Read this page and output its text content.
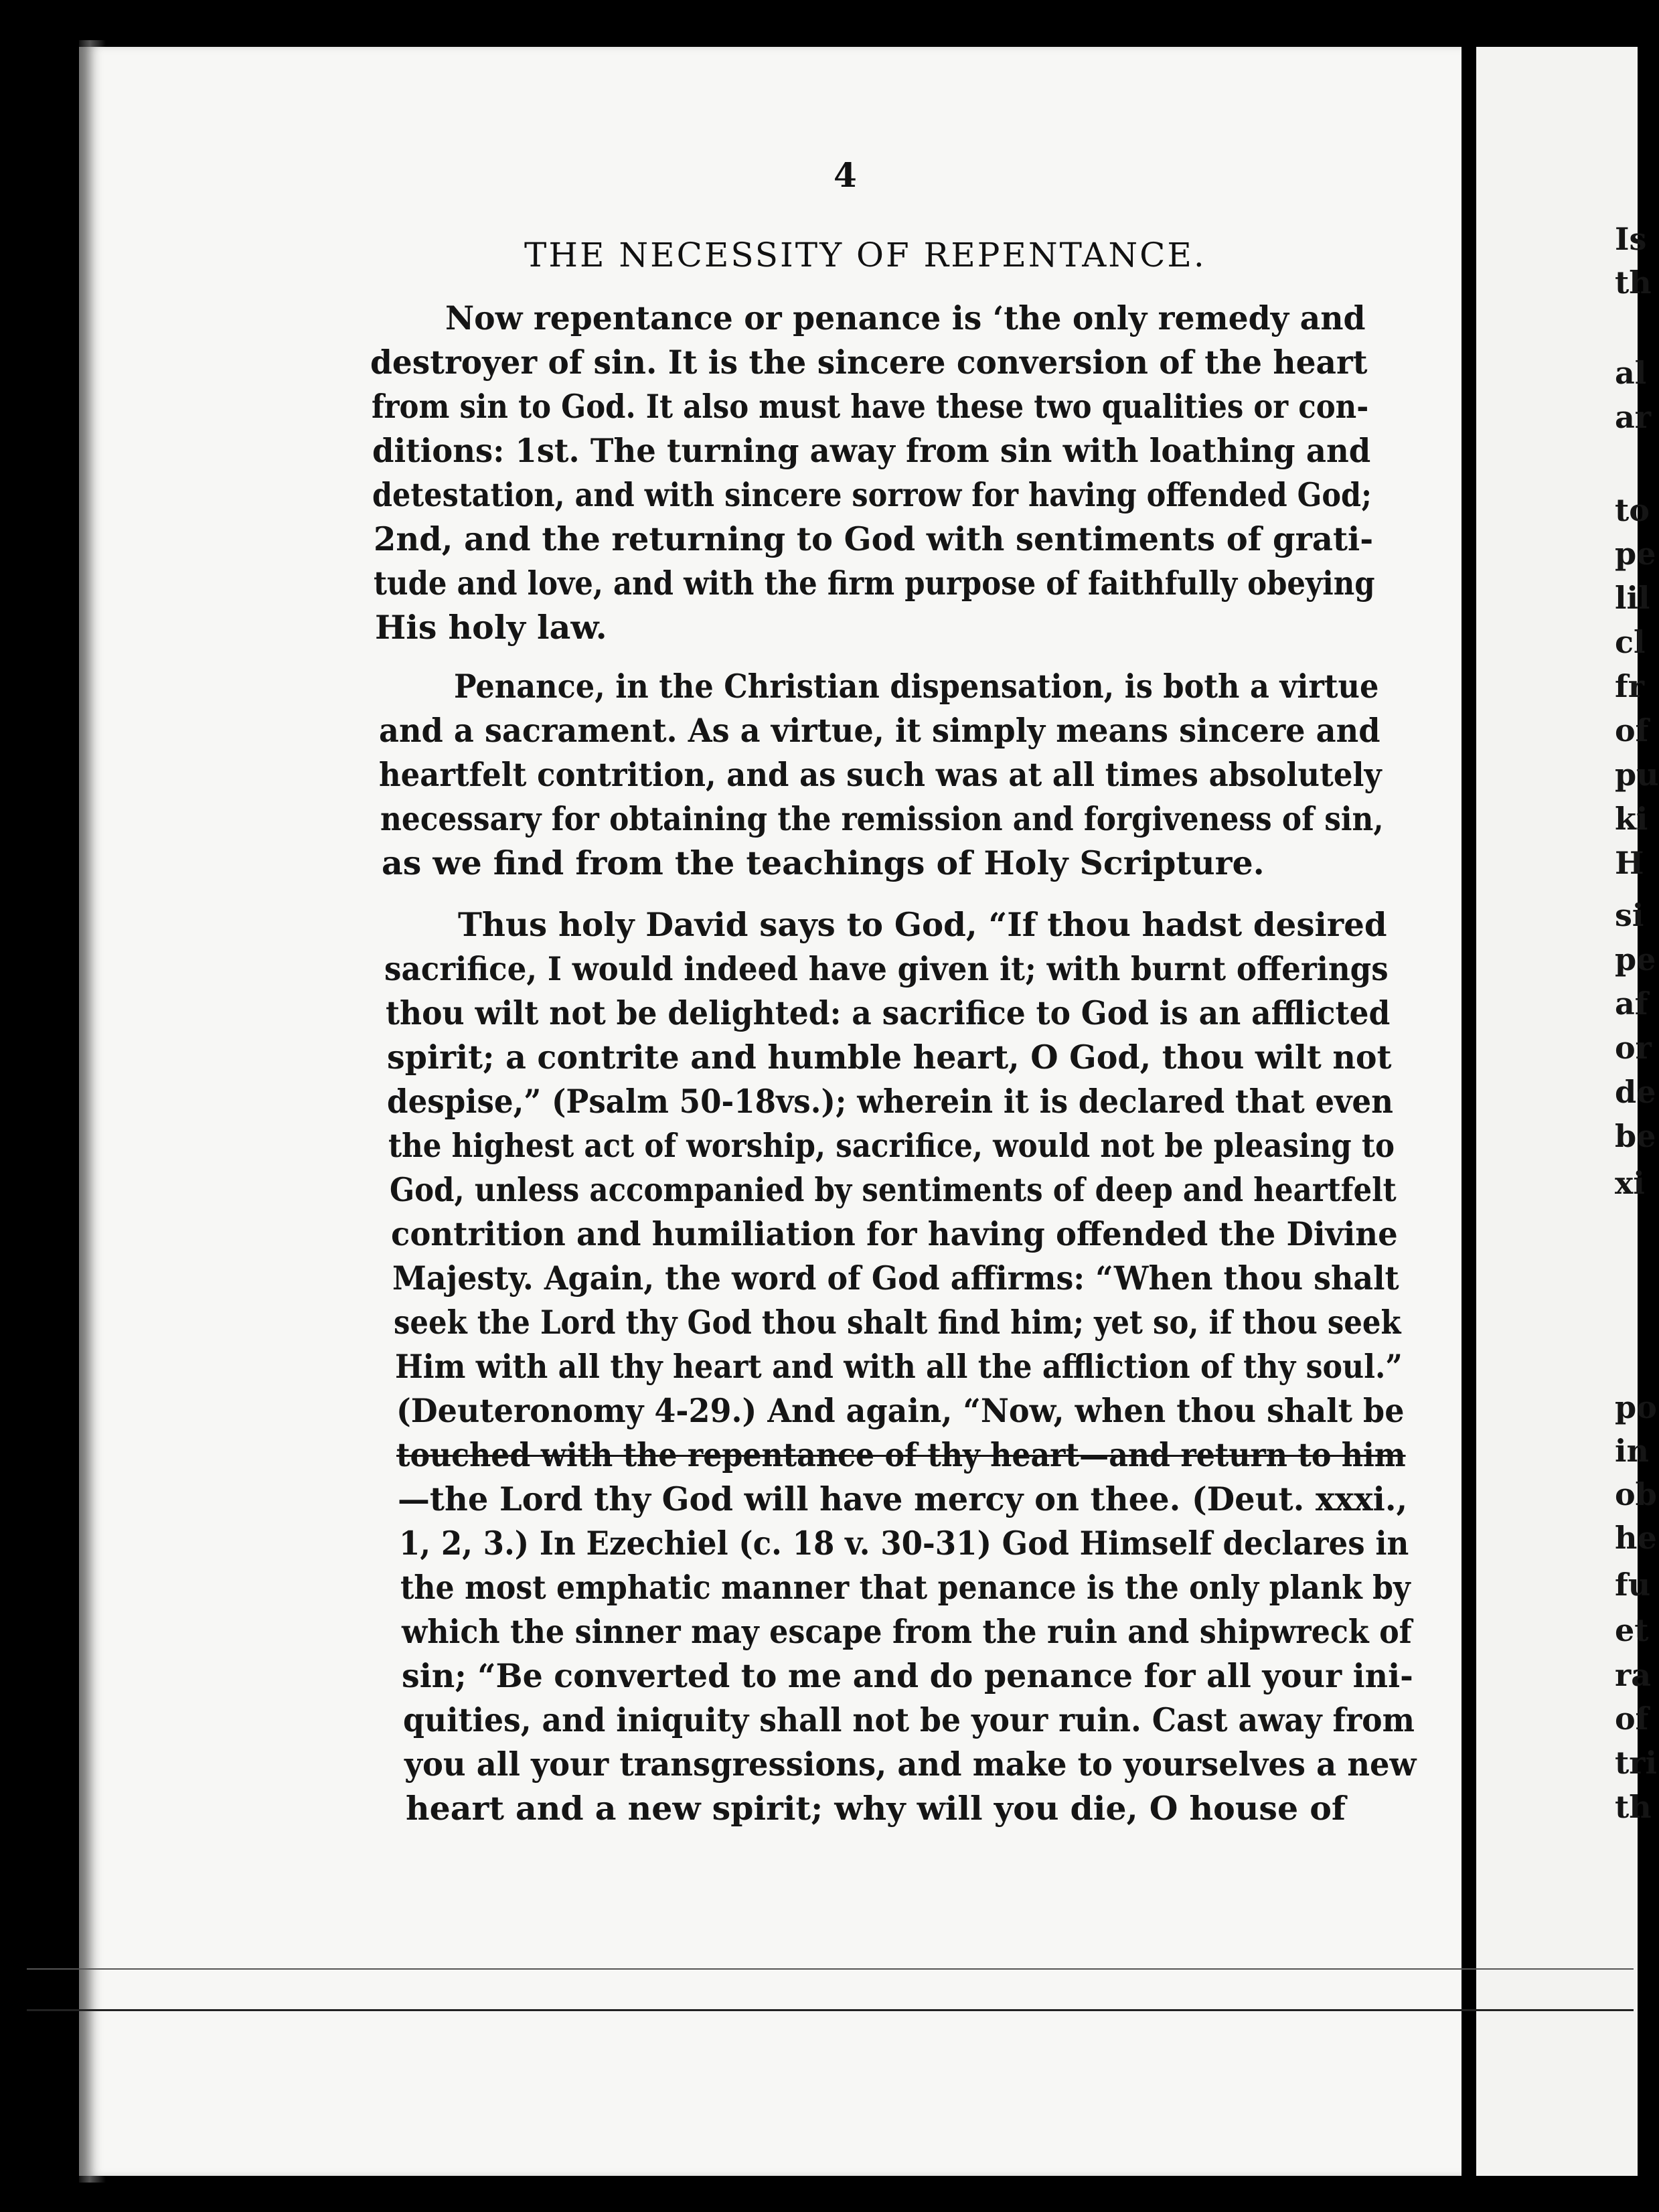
4
THE NECESSITY OF REPENTANCE.
Now repentance or penance is ‘the only remedy and
destroyer of sin. It is the sincere conversion of the heart
from sin to God. It also must have these two qualities or con-
ditions: 1st. The turning away from sin with loathing and
detestation, and with sincere sorrow for having offended God;
2nd, and the returning to God with sentiments of grati-
tude and love, and with the firm purpose of faithfully obeying
His holy law.
Penance, in the Christian dispensation, is both a virtue
and a sacrament. As a virtue, it simply means sincere and
heartfelt contrition, and as such was at all times absolutely
necessary for obtaining the remission and forgiveness of sin,
as we find from the teachings of Holy Scripture.
Thus holy David says to God, “If thou hadst desired
sacrifice, I would indeed have given it; with burnt offerings
thou wilt not be delighted: a sacrifice to God is an afflicted
spirit; a contrite and humble heart, O God, thou wilt not
despise,” (Psalm 50-18vs.); wherein it is declared that even
the highest act of worship, sacrifice, would not be pleasing to
God, unless accompanied by sentiments of deep and heartfelt
contrition and humiliation for having offended the Divine
Majesty. Again, the word of God affirms: “When thou shalt
seek the Lord thy God thou shalt find him; yet so, if thou seek
Him with all thy heart and with all the affliction of thy soul.”
(Deuteronomy 4-29.) And again, “Now, when thou shalt be
touched with the repentance of thy heart—and return to him
—the Lord thy God will have mercy on thee. (Deut. xxxi.,
1, 2, 3.) In Ezechiel (c. 18 v. 30-31) God Himself declares in
the most emphatic manner that penance is the only plank by
which the sinner may escape from the ruin and shipwreck of
sin; “Be converted to me and do penance for all your ini-
quities, and iniquity shall not be your ruin. Cast away from
you all your transgressions, and make to yourselves a new
heart and a new spirit; why will you die, O house of
Is
th
al
ar
to
pe
lil
cl
fr
of
pu
ki
H
si
pe
af
or
de
be
xi
po
in
ob
he
fu
et
ra
of
tri
th
